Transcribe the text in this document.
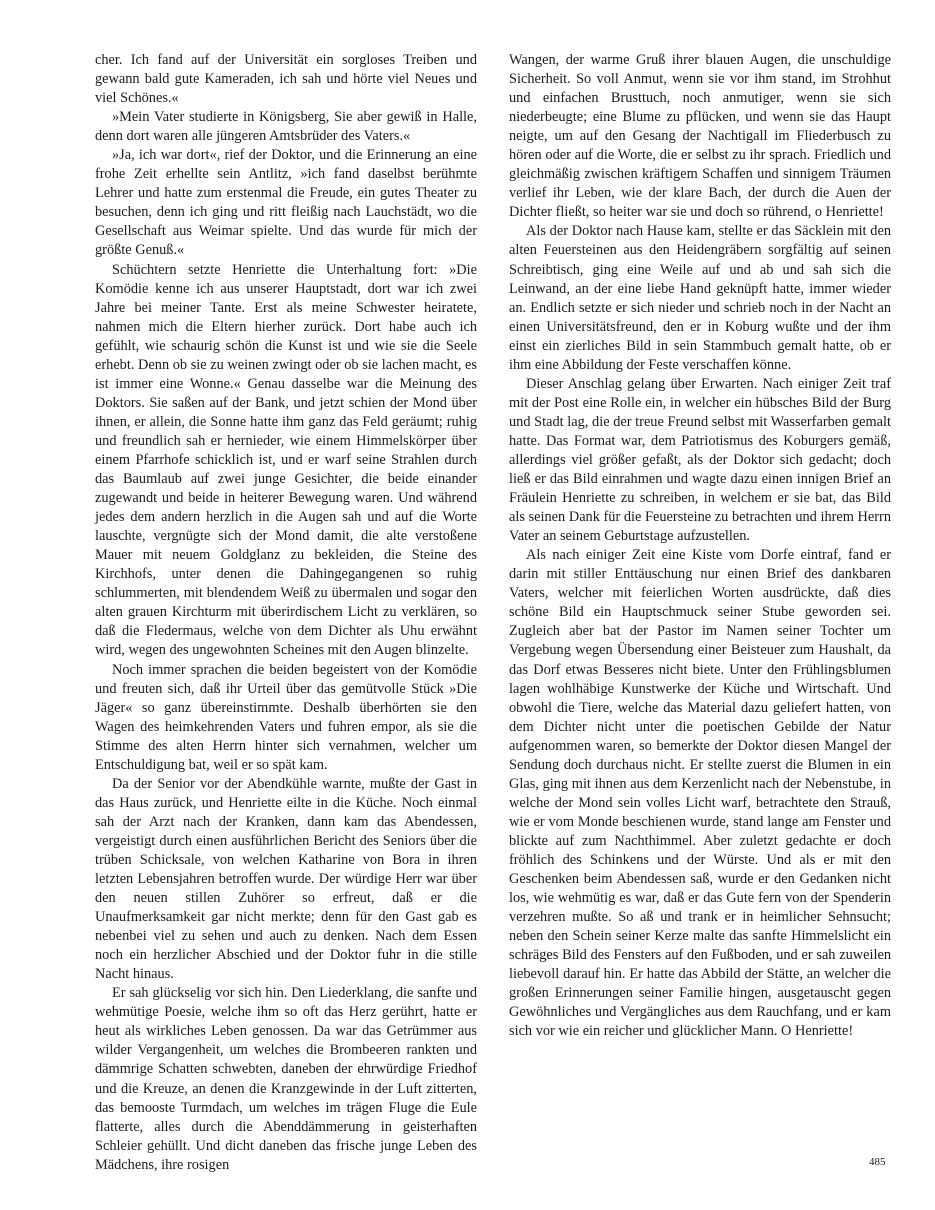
cher. Ich fand auf der Universität ein sorgloses Treiben und gewann bald gute Kameraden, ich sah und hörte viel Neues und viel Schönes.«

»Mein Vater studierte in Königsberg, Sie aber gewiß in Halle, denn dort waren alle jüngeren Amtsbrüder des Vaters.«

»Ja, ich war dort«, rief der Doktor, und die Erinnerung an eine frohe Zeit erhellte sein Antlitz, »ich fand daselbst berühmte Lehrer und hatte zum erstenmal die Freude, ein gutes Theater zu besuchen, denn ich ging und ritt fleißig nach Lauchstädt, wo die Gesellschaft aus Weimar spielte. Und das wurde für mich der größte Genuß.«

Schüchtern setzte Henriette die Unterhaltung fort: »Die Komödie kenne ich aus unserer Hauptstadt, dort war ich zwei Jahre bei meiner Tante. Erst als meine Schwester heiratete, nahmen mich die Eltern hierher zurück. Dort habe auch ich gefühlt, wie schaurig schön die Kunst ist und wie sie die Seele erhebt. Denn ob sie zu weinen zwingt oder ob sie lachen macht, es ist immer eine Wonne.« Genau dasselbe war die Meinung des Doktors. Sie saßen auf der Bank, und jetzt schien der Mond über ihnen, er allein, die Sonne hatte ihm ganz das Feld geräumt; ruhig und freundlich sah er hernieder, wie einem Himmelskörper über einem Pfarrhofe schicklich ist, und er warf seine Strahlen durch das Baumlaub auf zwei junge Gesichter, die beide einander zugewandt und beide in heiterer Bewegung waren. Und während jedes dem andern herzlich in die Augen sah und auf die Worte lauschte, vergnügte sich der Mond damit, die alte verstoßene Mauer mit neuem Goldglanz zu bekleiden, die Steine des Kirchhofs, unter denen die Dahingegangenen so ruhig schlummerten, mit blendendem Weiß zu übermalen und sogar den alten grauen Kirchturm mit überirdischem Licht zu verklären, so daß die Fledermaus, welche von dem Dichter als Uhu erwähnt wird, wegen des ungewohnten Scheines mit den Augen blinzelte.

Noch immer sprachen die beiden begeistert von der Komödie und freuten sich, daß ihr Urteil über das gemütvolle Stück »Die Jäger« so ganz übereinstimmte. Deshalb überhörten sie den Wagen des heimkehrenden Vaters und fuhren empor, als sie die Stimme des alten Herrn hinter sich vernahmen, welcher um Entschuldigung bat, weil er so spät kam.

Da der Senior vor der Abendkühle warnte, mußte der Gast in das Haus zurück, und Henriette eilte in die Küche. Noch einmal sah der Arzt nach der Kranken, dann kam das Abendessen, vergeistigt durch einen ausführlichen Bericht des Seniors über die trüben Schicksale, von welchen Katharine von Bora in ihren letzten Lebensjahren betroffen wurde. Der würdige Herr war über den neuen stillen Zuhörer so erfreut, daß er die Unaufmerksamkeit gar nicht merkte; denn für den Gast gab es nebenbei viel zu sehen und auch zu denken. Nach dem Essen noch ein herzlicher Abschied und der Doktor fuhr in die stille Nacht hinaus.

Er sah glückselig vor sich hin. Den Liederklang, die sanfte und wehmütige Poesie, welche ihm so oft das Herz gerührt, hatte er heut als wirkliches Leben genossen. Da war das Getrümmer aus wilder Vergangenheit, um welches die Brombeeren rankten und dämmrige Schatten schwebten, daneben der ehrwürdige Friedhof und die Kreuze, an denen die Kranzgewinde in der Luft zitterten, das bemooste Turmdach, um welches im trägen Fluge die Eule flatterte, alles durch die Abenddämmerung in geisterhaften Schleier gehüllt. Und dicht daneben das frische junge Leben des Mädchens, ihre rosigen

Wangen, der warme Gruß ihrer blauen Augen, die unschuldige Sicherheit. So voll Anmut, wenn sie vor ihm stand, im Strohhut und einfachen Brusttuch, noch anmutiger, wenn sie sich niederbeugte; eine Blume zu pflücken, und wenn sie das Haupt neigte, um auf den Gesang der Nachtigall im Fliederbusch zu hören oder auf die Worte, die er selbst zu ihr sprach. Friedlich und gleichmäßig zwischen kräftigem Schaffen und sinnigem Träumen verlief ihr Leben, wie der klare Bach, der durch die Auen der Dichter fließt, so heiter war sie und doch so rührend, o Henriette!

Als der Doktor nach Hause kam, stellte er das Säcklein mit den alten Feuersteinen aus den Heidengräbern sorgfältig auf seinen Schreibtisch, ging eine Weile auf und ab und sah sich die Leinwand, an der eine liebe Hand geknüpft hatte, immer wieder an. Endlich setzte er sich nieder und schrieb noch in der Nacht an einen Universitätsfreund, den er in Koburg wußte und der ihm einst ein zierliches Bild in sein Stammbuch gemalt hatte, ob er ihm eine Abbildung der Feste verschaffen könne.

Dieser Anschlag gelang über Erwarten. Nach einiger Zeit traf mit der Post eine Rolle ein, in welcher ein hübsches Bild der Burg und Stadt lag, die der treue Freund selbst mit Wasserfarben gemalt hatte. Das Format war, dem Patriotismus des Koburgers gemäß, allerdings viel größer gefaßt, als der Doktor sich gedacht; doch ließ er das Bild einrahmen und wagte dazu einen innigen Brief an Fräulein Henriette zu schreiben, in welchem er sie bat, das Bild als seinen Dank für die Feuersteine zu betrachten und ihrem Herrn Vater an seinem Geburtstage aufzustellen.

Als nach einiger Zeit eine Kiste vom Dorfe eintraf, fand er darin mit stiller Enttäuschung nur einen Brief des dankbaren Vaters, welcher mit feierlichen Worten ausdrückte, daß dies schöne Bild ein Hauptschmuck seiner Stube geworden sei. Zugleich aber bat der Pastor im Namen seiner Tochter um Vergebung wegen Übersendung einer Beisteuer zum Haushalt, da das Dorf etwas Besseres nicht biete. Unter den Frühlingsblumen lagen wohlhäbige Kunstwerke der Küche und Wirtschaft. Und obwohl die Tiere, welche das Material dazu geliefert hatten, von dem Dichter nicht unter die poetischen Gebilde der Natur aufgenommen waren, so bemerkte der Doktor diesen Mangel der Sendung doch durchaus nicht. Er stellte zuerst die Blumen in ein Glas, ging mit ihnen aus dem Kerzenlicht nach der Nebenstube, in welche der Mond sein volles Licht warf, betrachtete den Strauß, wie er vom Monde beschienen wurde, stand lange am Fenster und blickte auf zum Nachthimmel. Aber zuletzt gedachte er doch fröhlich des Schinkens und der Würste. Und als er mit den Geschenken beim Abendessen saß, wurde er den Gedanken nicht los, wie wehmütig es war, daß er das Gute fern von der Spenderin verzehren mußte. So aß und trank er in heimlicher Sehnsucht; neben den Schein seiner Kerze malte das sanfte Himmelslicht ein schräges Bild des Fensters auf den Fußboden, und er sah zuweilen liebevoll darauf hin. Er hatte das Abbild der Stätte, an welcher die großen Erinnerungen seiner Familie hingen, ausgetauscht gegen Gewöhnliches und Vergängliches aus dem Rauchfang, und er kam sich vor wie ein reicher und glücklicher Mann. O Henriette!

485
